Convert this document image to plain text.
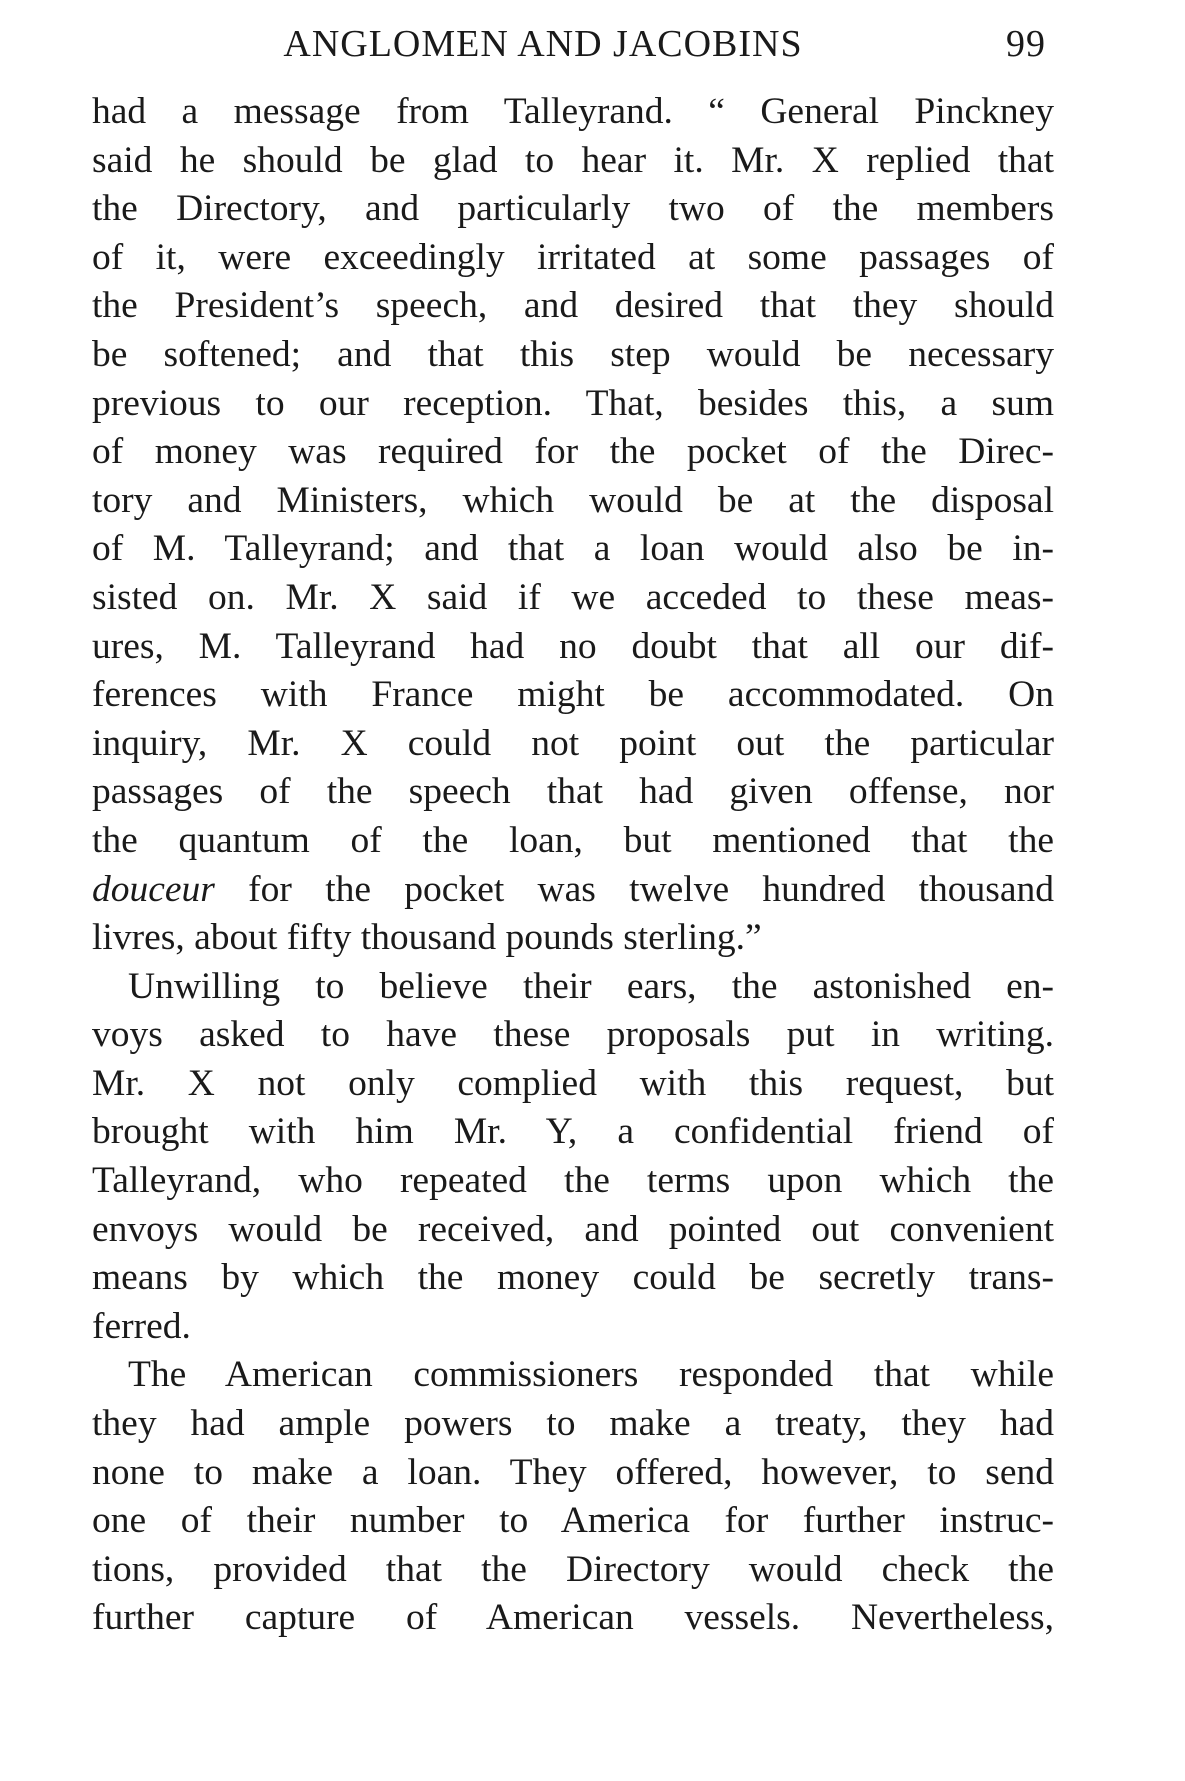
ANGLOMEN AND JACOBINS	99
had a message from Talleyrand. “ General Pinckney
said he should be glad to hear it. Mr. X replied that
the Directory, and particularly two of the members
of it, were exceedingly irritated at some passages of
the President’s speech, and desired that they should
be softened; and that this step would be necessary
previous to our reception. That, besides this, a sum
of money was required for the pocket of the Direc-
tory and Ministers, which would be at the disposal
of M. Talleyrand; and that a loan would also be in-
sisted on. Mr. X said if we acceded to these meas-
ures, M. Talleyrand had no doubt that all our dif-
ferences with France might be accommodated. On
inquiry, Mr. X could not point out the particular
passages of the speech that had given offense, nor
the quantum of the loan, but mentioned that the
douceur for the pocket was twelve hundred thousand
livres, about fifty thousand pounds sterling.”
Unwilling to believe their ears, the astonished en-
voys asked to have these proposals put in writing.
Mr. X not only complied with this request, but
brought with him Mr. Y, a confidential friend of
Talleyrand, who repeated the terms upon which the
envoys would be received, and pointed out convenient
means by which the money could be secretly trans-
ferred.
The American commissioners responded that while
they had ample powers to make a treaty, they had
none to make a loan. They offered, however, to send
one of their number to America for further instruc-
tions, provided that the Directory would check the
further capture of American vessels. Nevertheless,
